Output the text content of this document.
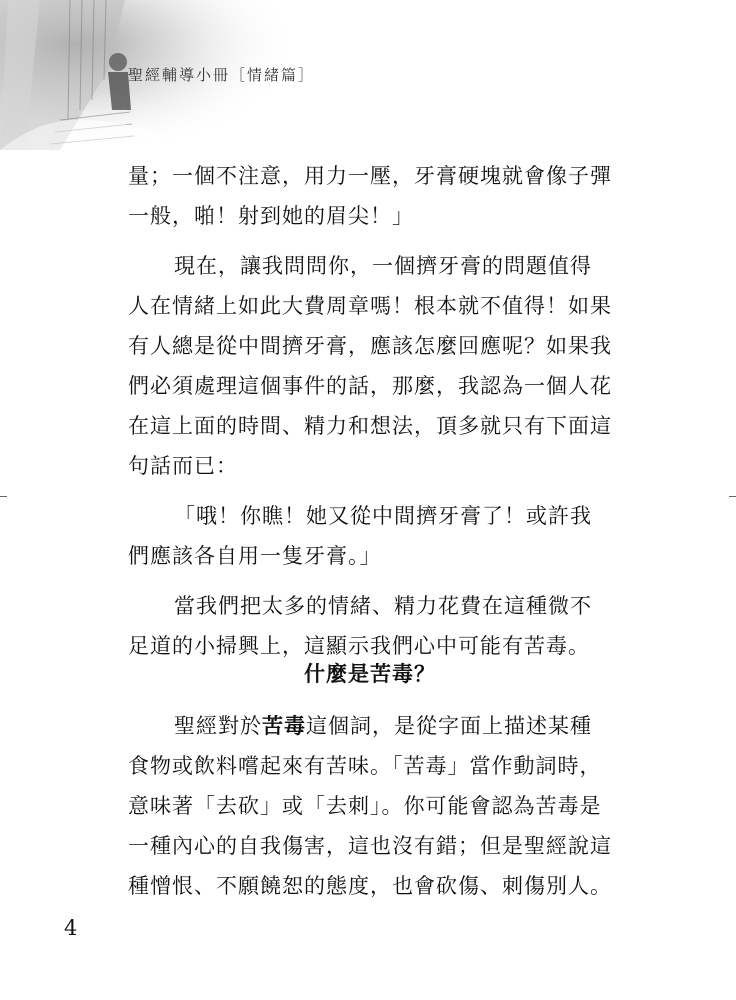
聖經輔導小冊［情緒篇］

量；一個不注意，用力一壓，牙膏硬塊就會像子彈一般，啪！射到她的眉尖！」

現在，讓我問問你，一個擠牙膏的問題值得人在情緒上如此大費周章嗎！根本就不值得！如果有人總是從中間擠牙膏，應該怎麼回應呢？如果我們必須處理這個事件的話，那麼，我認為一個人花在這上面的時間、精力和想法，頂多就只有下面這句話而已：

「哦！你瞧！她又從中間擠牙膏了！或許我們應該各自用一隻牙膏。」

當我們把太多的情緒、精力花費在這種微不足道的小掃興上，這顯示我們心中可能有苦毒。

什麼是苦毒？

聖經對於苦毒這個詞，是從字面上描述某種食物或飲料嚐起來有苦味。「苦毒」當作動詞時，意味著「去砍」或「去刺」。你可能會認為苦毒是一種內心的自我傷害，這也沒有錯；但是聖經說這種憎恨、不願饒恕的態度，也會砍傷、刺傷別人。

4
